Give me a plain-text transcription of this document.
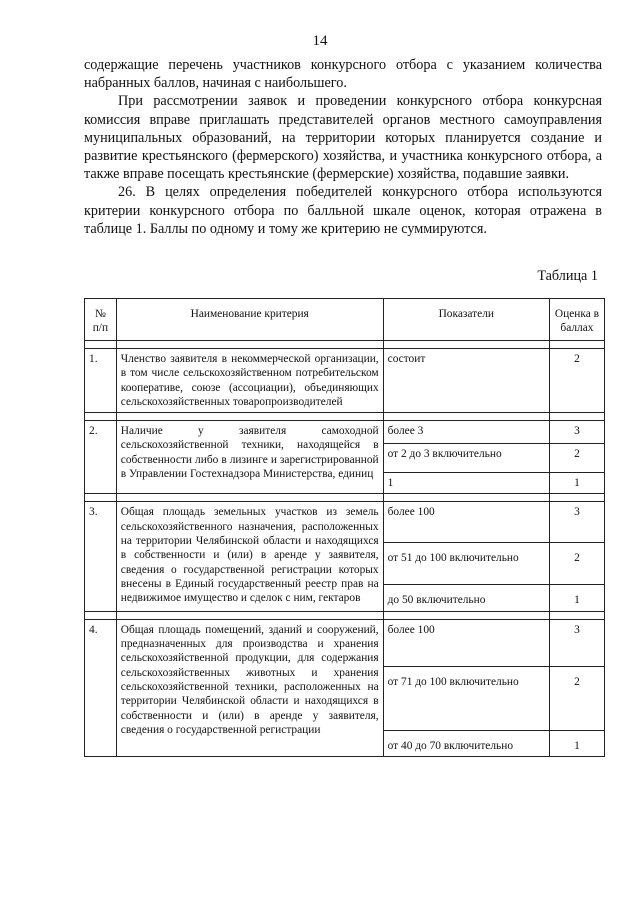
14

содержащие перечень участников конкурсного отбора с указанием количества набранных баллов, начиная с наибольшего.

При рассмотрении заявок и проведении конкурсного отбора конкурсная комиссия вправе приглашать представителей органов местного самоуправления муниципальных образований, на территории которых планируется создание и развитие крестьянского (фермерского) хозяйства, и участника конкурсного отбора, а также вправе посещать крестьянские (фермерские) хозяйства, подавшие заявки.

26. В целях определения победителей конкурсного отбора используются критерии конкурсного отбора по балльной шкале оценок, которая отражена в таблице 1. Баллы по одному и тому же критерию не суммируются.

Таблица 1
№ п/п	Наименование критерия	Показатели	Оценка в баллах

1.	Членство заявителя в некоммерческой организации, в том числе сельскохозяйственном потребительском кооперативе, союзе (ассоциации), объединяющих сельскохозяйственных товаропроизводителей	состоит	2

2.	Наличие у заявителя самоходной сельскохозяйственной техники, находящейся в собственности либо в лизинге и зарегистрированной в Управлении Гостехнадзора Министерства, единиц	более 3	3
		от 2 до 3 включительно	2
		1	1

3.	Общая площадь земельных участков из земель сельскохозяйственного назначения, расположенных на территории Челябинской области и находящихся в собственности и (или) в аренде у заявителя, сведения о государственной регистрации которых внесены в Единый государственный реестр прав на недвижимое имущество и сделок с ним, гектаров	более 100	3
		от 51 до 100 включительно	2
		до 50 включительно	1

4.	Общая площадь помещений, зданий и сооружений, предназначенных для производства и хранения сельскохозяйственной продукции, для содержания сельскохозяйственных животных и хранения сельскохозяйственной техники, расположенных на территории Челябинской области и находящихся в собственности и (или) в аренде у заявителя, сведения о государственной регистрации	более 100	3
		от 71 до 100 включительно	2
		от 40 до 70 включительно	1
